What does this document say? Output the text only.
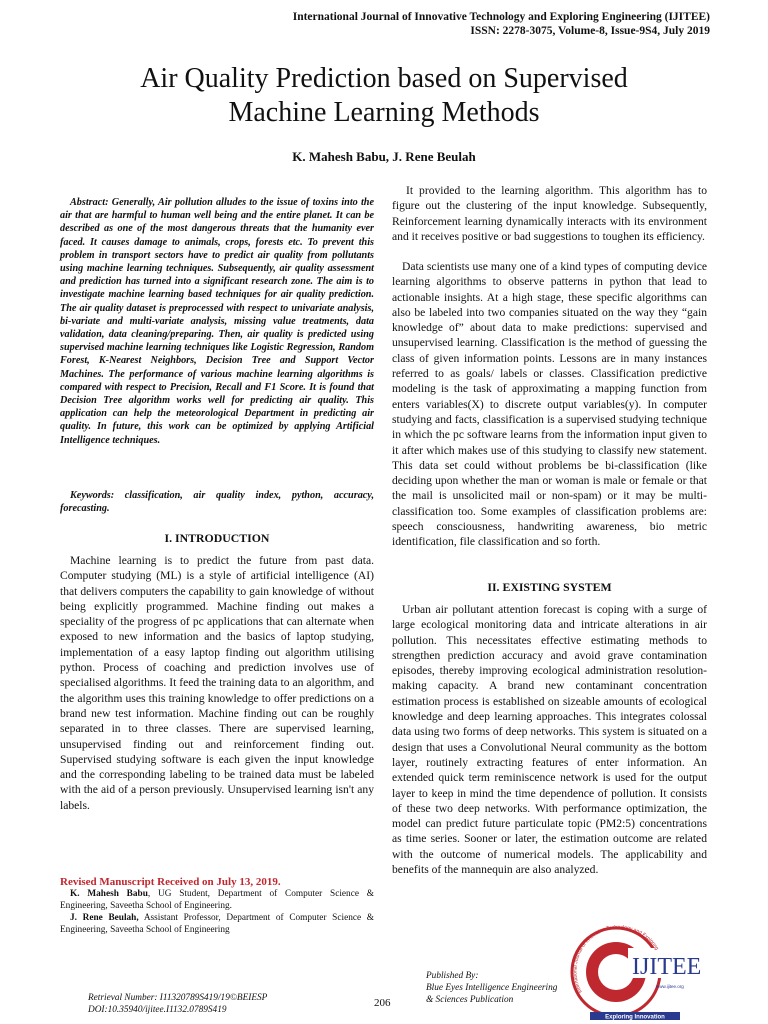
International Journal of Innovative Technology and Exploring Engineering (IJITEE)
ISSN: 2278-3075, Volume-8, Issue-9S4, July 2019
Air Quality Prediction based on Supervised
Machine Learning Methods
K. Mahesh Babu, J. Rene Beulah
Abstract: Generally, Air pollution alludes to the issue of toxins into the air that are harmful to human well being and the entire planet. It can be described as one of the most dangerous threats that the humanity ever faced. It causes damage to animals, crops, forests etc. To prevent this problem in transport sectors have to predict air quality from pollutants using machine learning techniques. Subsequently, air quality assessment and prediction has turned into a significant research zone. The aim is to investigate machine learning based techniques for air quality prediction. The air quality dataset is preprocessed with respect to univariate analysis, bi-variate and multi-variate analysis, missing value treatments, data validation, data cleaning/preparing. Then, air quality is predicted using supervised machine learning techniques like Logistic Regression, Random Forest, K-Nearest Neighbors, Decision Tree and Support Vector Machines. The performance of various machine learning algorithms is compared with respect to Precision, Recall and F1 Score. It is found that Decision Tree algorithm works well for predicting air quality. This application can help the meteorological Department in predicting air quality. In future, this work can be optimized by applying Artificial Intelligence techniques.
Keywords: classification, air quality index, python, accuracy, forecasting.
I. INTRODUCTION
Machine learning is to predict the future from past data. Computer studying (ML) is a style of artificial intelligence (AI) that delivers computers the capability to gain knowledge of without being explicitly programmed. Machine finding out makes a speciality of the progress of pc applications that can alternate when exposed to new information and the basics of laptop studying, implementation of a easy laptop finding out algorithm utilising python. Process of coaching and prediction involves use of specialised algorithms. It feed the training data to an algorithm, and the algorithm uses this training knowledge to offer predictions on a brand new test information. Machine finding out can be roughly separated in to three classes. There are supervised learning, unsupervised finding out and reinforcement finding out. Supervised studying software is each given the input knowledge and the corresponding labeling to be trained data must be labeled with the aid of a person previously. Unsupervised learning isn't any labels.
Revised Manuscript Received on July 13, 2019.
K. Mahesh Babu, UG Student, Department of Computer Science & Engineering, Saveetha School of Engineering.
J. Rene Beulah, Assistant Professor, Department of Computer Science & Engineering, Saveetha School of Engineering
It provided to the learning algorithm. This algorithm has to figure out the clustering of the input knowledge. Subsequently, Reinforcement learning dynamically interacts with its environment and it receives positive or bad suggestions to toughen its efficiency.
Data scientists use many one of a kind types of computing device learning algorithms to observe patterns in python that lead to actionable insights. At a high stage, these specific algorithms can also be labeled into two companies situated on the way they “gain knowledge of” about data to make predictions: supervised and unsupervised learning. Classification is the method of guessing the class of given information points. Lessons are in many instances referred to as goals/ labels or classes. Classification predictive modeling is the task of approximating a mapping function from enters variables(X) to discrete output variables(y). In computer studying and facts, classification is a supervised studying technique in which the pc software learns from the information input given to it after which makes use of this studying to classify new statement. This data set could without problems be bi-classification (like deciding upon whether the man or woman is male or female or that the mail is unsolicited mail or non-spam) or it may be multi-classification too. Some examples of classification problems are: speech consciousness, handwriting awareness, bio metric identification, file classification and so forth.
II. EXISTING SYSTEM
Urban air pollutant attention forecast is coping with a surge of large ecological monitoring data and intricate alterations in air pollution. This necessitates effective estimating methods to strengthen prediction accuracy and avoid grave contamination episodes, thereby improving ecological administration resolution-making capacity. A brand new contaminant concentration estimation process is established on sizeable amounts of ecological knowledge and deep learning approaches. This integrates colossal data using two forms of deep networks. This system is situated on a design that uses a Convolutional Neural community as the bottom layer, routinely extracting features of enter information. An extended quick term reminiscence network is used for the output layer to keep in mind the time dependence of pollution. It consists of these two deep networks. With performance optimization, the model can predict future particulate topic (PM2:5) concentrations as time series. Sooner or later, the estimation outcome are related with the outcome of numerical models. The applicability and benefits of the mannequin are also analyzed.
Retrieval Number: I11320789S419/19©BEIESP
DOI:10.35940/ijitee.I1132.0789S419
206
Published By:
Blue Eyes Intelligence Engineering
& Sciences Publication
IJITEE
International Journal of Innovative Technology and Exploring
www.ijitee.org
Exploring Innovation
